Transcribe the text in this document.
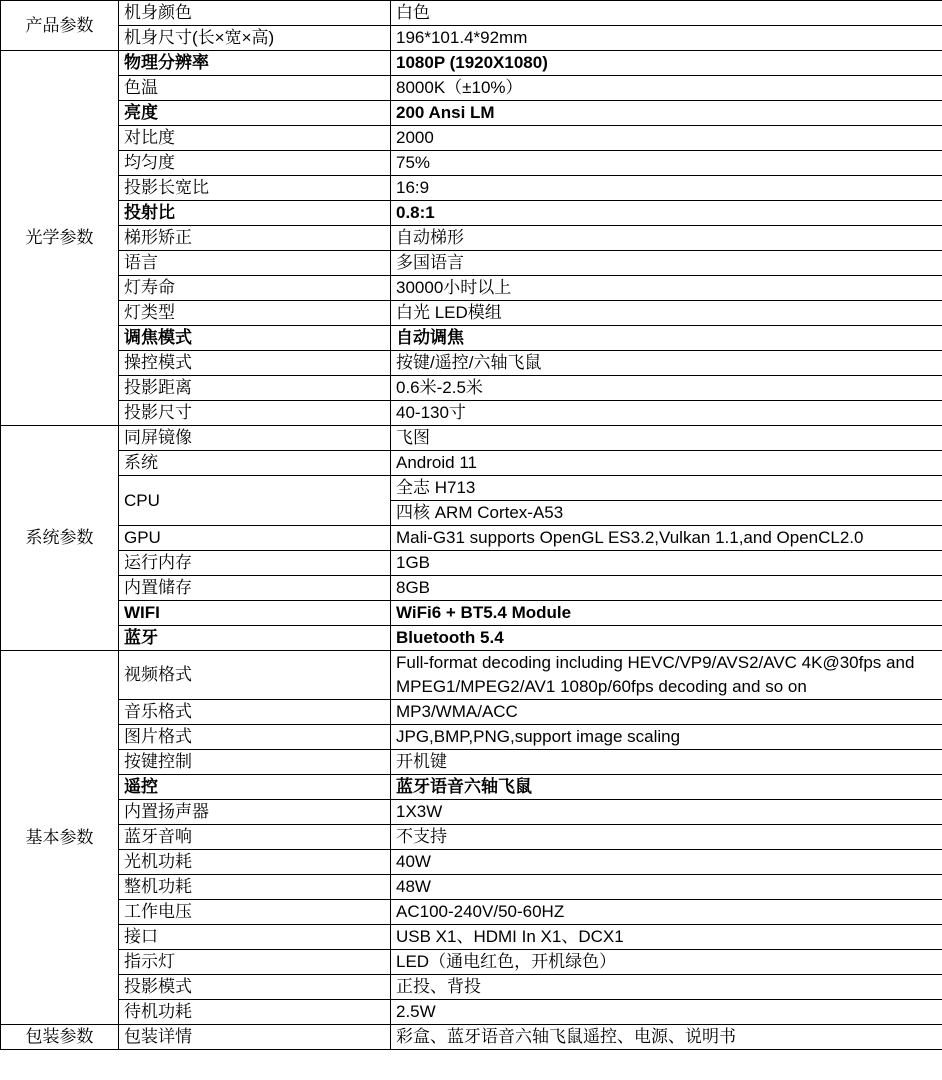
产品参数	机身颜色	白色
	机身尺寸(长×宽×高)	196*101.4*92mm
光学参数	物理分辨率	1080P (1920X1080)
	色温	8000K（±10%）
	亮度	200 Ansi LM
	对比度	2000
	均匀度	75%
	投影长宽比	16:9
	投射比	0.8:1
	梯形矫正	自动梯形
	语言	多国语言
	灯寿命	30000小时以上
	灯类型	白光 LED模组
	调焦模式	自动调焦
	操控模式	按键/遥控/六轴飞鼠
	投影距离	0.6米-2.5米
	投影尺寸	40-130寸
系统参数	同屏镜像	飞图
	系统	Android 11
	CPU	全志 H713
		四核 ARM Cortex-A53
	GPU	Mali-G31 supports OpenGL ES3.2,Vulkan 1.1,and OpenCL2.0
	运行内存	1GB
	内置储存	8GB
	WIFI	WiFi6 + BT5.4 Module
	蓝牙	Bluetooth 5.4
基本参数	视频格式	Full-format decoding including HEVC/VP9/AVS2/AVC 4K@30fps and MPEG1/MPEG2/AV1 1080p/60fps decoding and so on
	音乐格式	MP3/WMA/ACC
	图片格式	JPG,BMP,PNG,support image scaling
	按键控制	开机键
	遥控	蓝牙语音六轴飞鼠
	内置扬声器	1X3W
	蓝牙音响	不支持
	光机功耗	40W
	整机功耗	48W
	工作电压	AC100-240V/50-60HZ
	接口	USB X1、HDMI In X1、DCX1
	指示灯	LED（通电红色，开机绿色）
	投影模式	正投、背投
	待机功耗	2.5W
包装参数	包装详情	彩盒、蓝牙语音六轴飞鼠遥控、电源、说明书
